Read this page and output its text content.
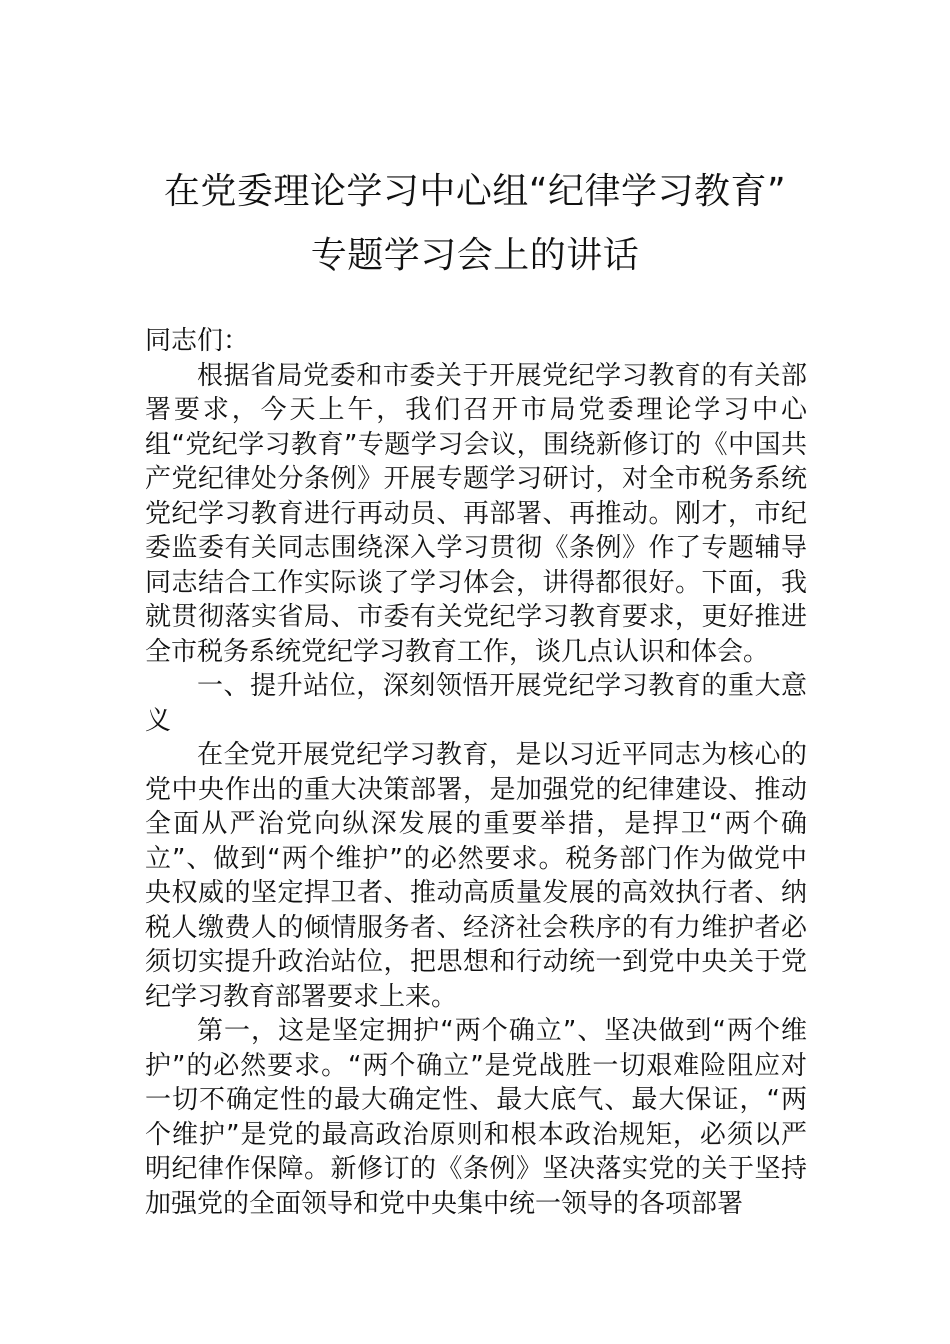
在党委理论学习中心组“纪律学习教育”
专题学习会上的讲话

同志们：

根据省局党委和市委关于开展党纪学习教育的有关部署要求，今天上午，我们召开市局党委理论学习中心组“党纪学习教育”专题学习会议，围绕新修订的《中国共产党纪律处分条例》开展专题学习研讨，对全市税务系统党纪学习教育进行再动员、再部署、再推动。刚才，市纪委监委有关同志围绕深入学习贯彻《条例》作了专题辅导同志结合工作实际谈了学习体会，讲得都很好。下面，我就贯彻落实省局、市委有关党纪学习教育要求，更好推进全市税务系统党纪学习教育工作，谈几点认识和体会。

一、提升站位，深刻领悟开展党纪学习教育的重大意义

在全党开展党纪学习教育，是以习近平同志为核心的党中央作出的重大决策部署，是加强党的纪律建设、推动全面从严治党向纵深发展的重要举措，是捍卫“两个确立”、做到“两个维护”的必然要求。税务部门作为做党中央权威的坚定捍卫者、推动高质量发展的高效执行者、纳税人缴费人的倾情服务者、经济社会秩序的有力维护者必须切实提升政治站位，把思想和行动统一到党中央关于党纪学习教育部署要求上来。

第一，这是坚定拥护“两个确立”、坚决做到“两个维护”的必然要求。“两个确立”是党战胜一切艰难险阻应对一切不确定性的最大确定性、最大底气、最大保证，“两个维护”是党的最高政治原则和根本政治规矩，必须以严明纪律作保障。新修订的《条例》坚决落实党的关于坚持加强党的全面领导和党中央集中统一领导的各项部署
